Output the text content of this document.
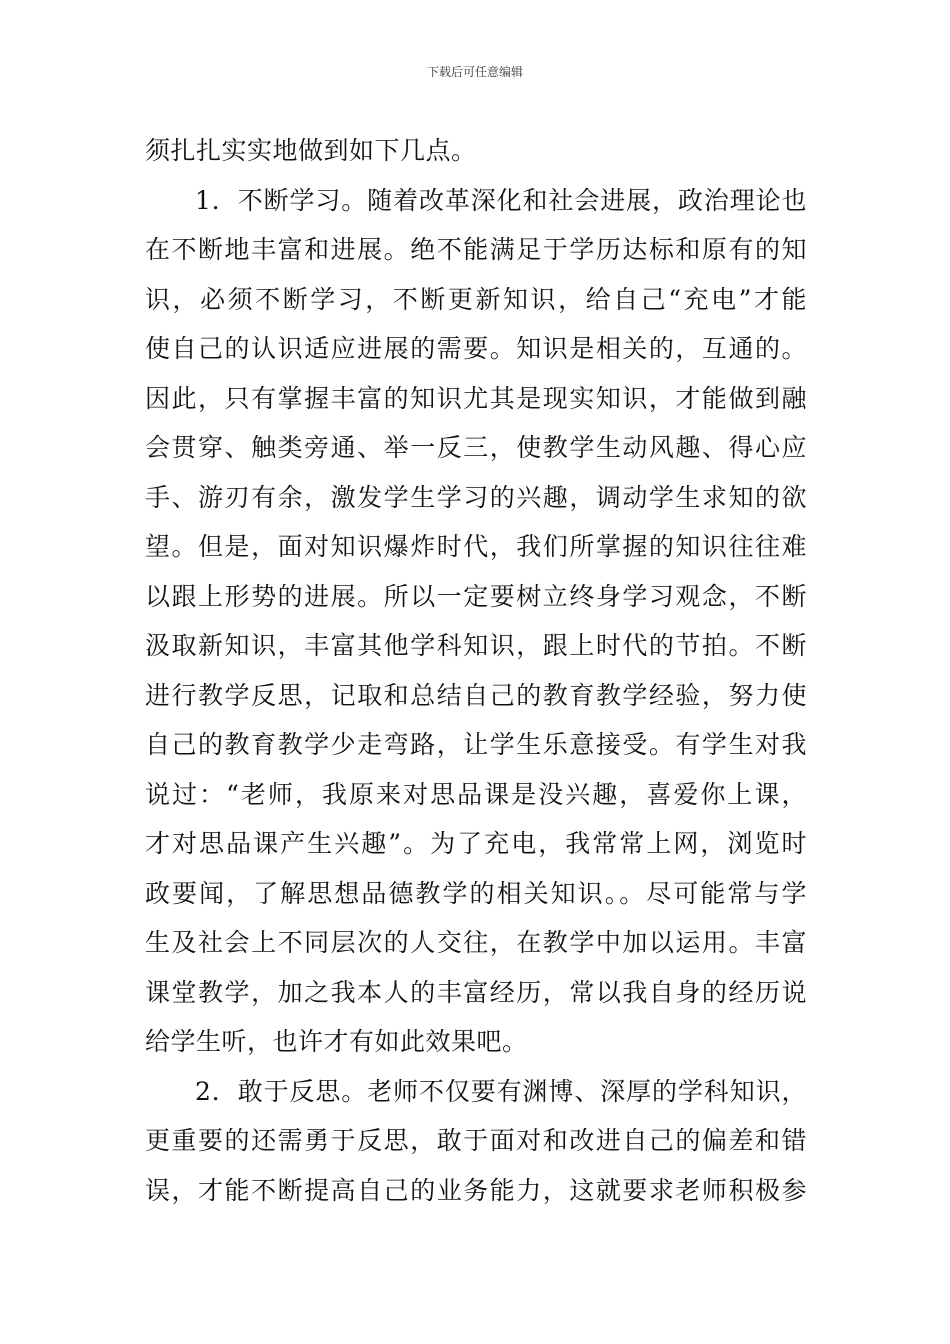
下载后可任意编辑
须扎扎实实地做到如下几点。
1．不断学习。随着改革深化和社会进展，政治理论也
在不断地丰富和进展。绝不能满足于学历达标和原有的知
识，必须不断学习，不断更新知识，给自己“充电”才能
使自己的认识适应进展的需要。知识是相关的，互通的。
因此，只有掌握丰富的知识尤其是现实知识，才能做到融
会贯穿、触类旁通、举一反三，使教学生动风趣、得心应
手、游刃有余，激发学生学习的兴趣，调动学生求知的欲
望。但是，面对知识爆炸时代，我们所掌握的知识往往难
以跟上形势的进展。所以一定要树立终身学习观念，不断
汲取新知识，丰富其他学科知识，跟上时代的节拍。不断
进行教学反思，记取和总结自己的教育教学经验，努力使
自己的教育教学少走弯路，让学生乐意接受。有学生对我
说过：“老师，我原来对思品课是没兴趣，喜爱你上课，
才对思品课产生兴趣”。为了充电，我常常上网，浏览时
政要闻，了解思想品德教学的相关知识。。尽可能常与学
生及社会上不同层次的人交往，在教学中加以运用。丰富
课堂教学，加之我本人的丰富经历，常以我自身的经历说
给学生听，也许才有如此效果吧。
2．敢于反思。老师不仅要有渊博、深厚的学科知识，
更重要的还需勇于反思，敢于面对和改进自己的偏差和错
误，才能不断提高自己的业务能力，这就要求老师积极参
